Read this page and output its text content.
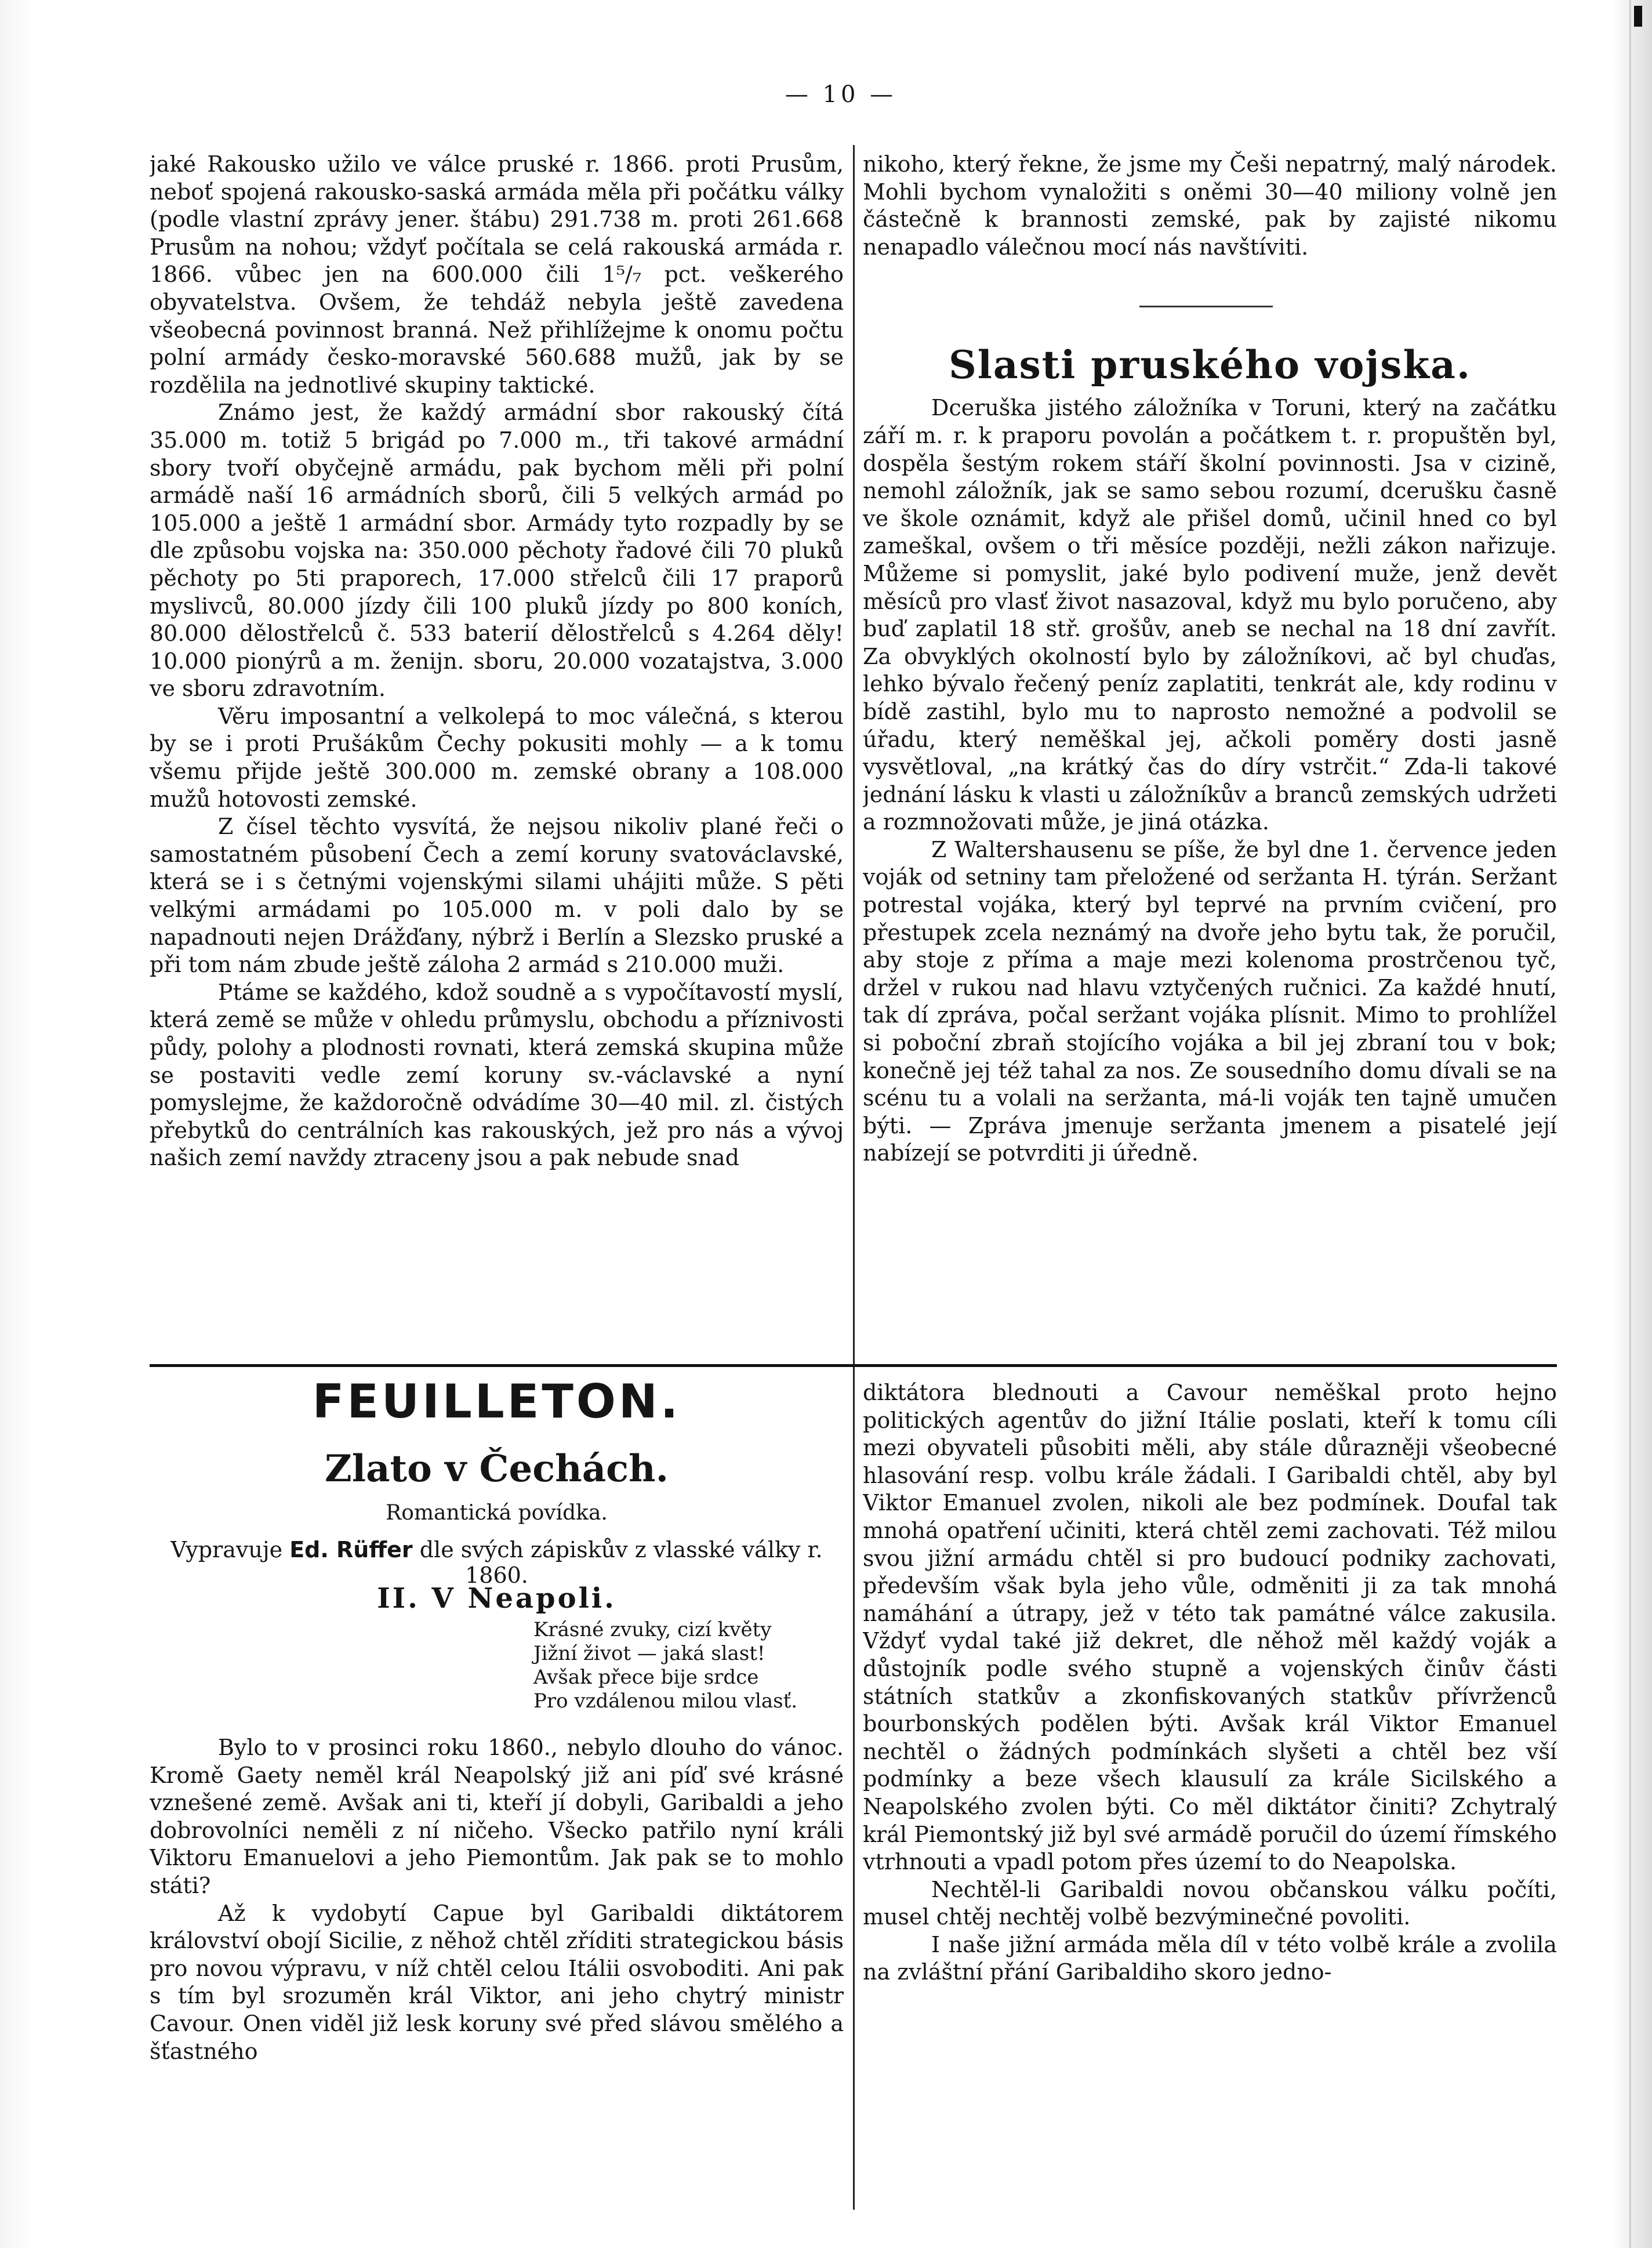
— 10 —

jaké Rakousko užilo ve válce pruské r. 1866. proti Prusům, neboť spojená rakousko-saská armáda měla při počátku války (podle vlastní zprávy jener. štábu) 291.738 m. proti 261.668 Prusům na nohou; vždyť počítala se celá rakouská armáda r. 1866. vůbec jen na 600.000 čili 1⁵/₇ pct. veškerého obyvatelstva. Ovšem, že tehdáž nebyla ještě zavedena všeobecná povinnost branná. Než přihlížejme k onomu počtu polní armády česko-moravské 560.688 mužů, jak by se rozdělila na jednotlivé skupiny taktické.

Známo jest, že každý armádní sbor rakouský čítá 35.000 m. totiž 5 brigád po 7.000 m., tři takové armádní sbory tvoří obyčejně armádu, pak bychom měli při polní armádě naší 16 armádních sborů, čili 5 velkých armád po 105.000 a ještě 1 armádní sbor. Armády tyto rozpadly by se dle způsobu vojska na: 350.000 pěchoty řadové čili 70 pluků pěchoty po 5ti praporech, 17.000 střelců čili 17 praporů myslivců, 80.000 jízdy čili 100 pluků jízdy po 800 koních, 80.000 dělostřelců č. 533 baterií dělostřelců s 4.264 děly! 10.000 pionýrů a m. ženijn. sboru, 20.000 vozatajstva, 3.000 ve sboru zdravotním.

Věru imposantní a velkolepá to moc válečná, s kterou by se i proti Prušákům Čechy pokusiti mohly — a k tomu všemu přijde ještě 300.000 m. zemské obrany a 108.000 mužů hotovosti zemské.

Z čísel těchto vysvítá, že nejsou nikoliv plané řeči o samostatném působení Čech a zemí koruny svatováclavské, která se i s četnými vojenskými silami uhájiti může. S pěti velkými armádami po 105.000 m. v poli dalo by se napadnouti nejen Drážďany, nýbrž i Berlín a Slezsko pruské a při tom nám zbude ještě záloha 2 armád s 210.000 muži.

Ptáme se každého, kdož soudně a s vypočítavostí myslí, která země se může v ohledu průmyslu, obchodu a příznivosti půdy, polohy a plodnosti rovnati, která zemská skupina může se postaviti vedle zemí koruny sv.-václavské a nyní pomyslejme, že každoročně odvádíme 30—40 mil. zl. čistých přebytků do centrálních kas rakouských, jež pro nás a vývoj našich zemí navždy ztraceny jsou a pak nebude snad

nikoho, který řekne, že jsme my Češi nepatrný, malý národek. Mohli bychom vynaložiti s oněmi 30—40 miliony volně jen částečně k brannosti zemské, pak by zajisté nikomu nenapadlo válečnou mocí nás navštíviti.

Dceruška jistého záložníka v Toruni, který na začátku září m. r. k praporu povolán a počátkem t. r. propuštěn byl, dospěla šestým rokem stáří školní povinnosti. Jsa v cizině, nemohl záložník, jak se samo sebou rozumí, dcerušku časně ve škole oznámit, když ale přišel domů, učinil hned co byl zameškal, ovšem o tři měsíce později, nežli zákon nařizuje. Můžeme si pomyslit, jaké bylo podivení muže, jenž devět měsíců pro vlasť život nasazoval, když mu bylo poručeno, aby buď zaplatil 18 stř. grošův, aneb se nechal na 18 dní zavřít. Za obvyklých okolností bylo by záložníkovi, ač byl chuďas, lehko bývalo řečený peníz zaplatiti, tenkrát ale, kdy rodinu v bídě zastihl, bylo mu to naprosto nemožné a podvolil se úřadu, který neměškal jej, ačkoli poměry dosti jasně vysvětloval, „na krátký čas do díry vstrčit.“ Zda-li takové jednání lásku k vlasti u záložníkův a branců zemských udržeti a rozmnožovati může, je jiná otázka.

Z Waltershausenu se píše, že byl dne 1. července jeden voják od setniny tam přeložené od seržanta H. týrán. Seržant potrestal vojáka, který byl teprvé na prvním cvičení, pro přestupek zcela neznámý na dvoře jeho bytu tak, že poručil, aby stoje z přímа a maje mezi kolenoma prostrčenou tyč, držel v rukou nad hlavu vztyčených ručnici. Za každé hnutí, tak dí zpráva, počal seržant vojáka plísnit. Mimo to prohlížel si poboční zbraň stojícího vojáka a bil jej zbraní tou v bok; konečně jej též tahal za nos. Ze sousedního domu dívali se na scénu tu a volali na seržanta, má-li voják ten tajně umučen býti. — Zpráva jmenuje seržanta jmenem a pisatelé její nabízejí se potvrditi ji úředně.

Slasti pruského vojska.
FEUILLETON.
Zlato v Čechách.
Romantická povídka.
Vypravuje Ed. Rüffer dle svých zápiskův z vlasské války r. 1860.
II. V Neapoli.
Krásné zvuky, cizí květy
Jižní život — jaká slast!
Avšak přece bije srdce
Pro vzdálenou milou vlasť.

Bylo to v prosinci roku 1860., nebylo dlouho do vánoc. Kromě Gaety neměl král Neapolský již ani píď své krásné vznešené země. Avšak ani ti, kteří jí dobyli, Garibaldi a jeho dobrovolníci neměli z ní ničeho. Všecko patřilo nyní králi Viktoru Emanuelovi a jeho Piemontům. Jak pak se to mohlo státi?

Až k vydobytí Capue byl Garibaldi diktátorem království obojí Sicilie, z něhož chtěl zříditi strategickou básis pro novou výpravu, v níž chtěl celou Itálii osvoboditi. Ani pak s tím byl srozuměn král Viktor, ani jeho chytrý ministr Cavour. Onen viděl již lesk koruny své před slávou smělého a šťastného

diktátora blednouti a Cavour neměškal proto hejno politických agentův do jižní Itálie poslati, kteří k tomu cíli mezi obyvateli působiti měli, aby stále důrazněji všeobecné hlasování resp. volbu krále žádali. I Garibaldi chtěl, aby byl Viktor Emanuel zvolen, nikoli ale bez podmínek. Doufal tak mnohá opatření učiniti, která chtěl zemi zachovati. Též milou svou jižní armádu chtěl si pro budoucí podniky zachovati, především však byla jeho vůle, odměniti ji za tak mnohá namáhání a útrapy, jež v této tak památné válce zakusila. Vždyť vydal také již dekret, dle něhož měl každý voják a důstojník podle svého stupně a vojenských činův části státních statkův a zkonfiskovaných statkův přívrženců bourbonských podělen býti. Avšak král Viktor Emanuel nechtěl o žádných podmínkách slyšeti a chtěl bez vší podmínky a beze všech klausulí za krále Sicilského a Neapolského zvolen býti. Co měl diktátor činiti? Zchytralý král Piemontský již byl své armádě poručil do území římského vtrhnouti a vpadl potom přes území to do Neapolska.

Nechtěl-li Garibaldi novou občanskou válku počíti, musel chtěj nechtěj volbě bezvýminečné povoliti.

I naše jižní armáda měla díl v této volbě krále a zvolila na zvláštní přání Garibaldiho skoro jedno-
